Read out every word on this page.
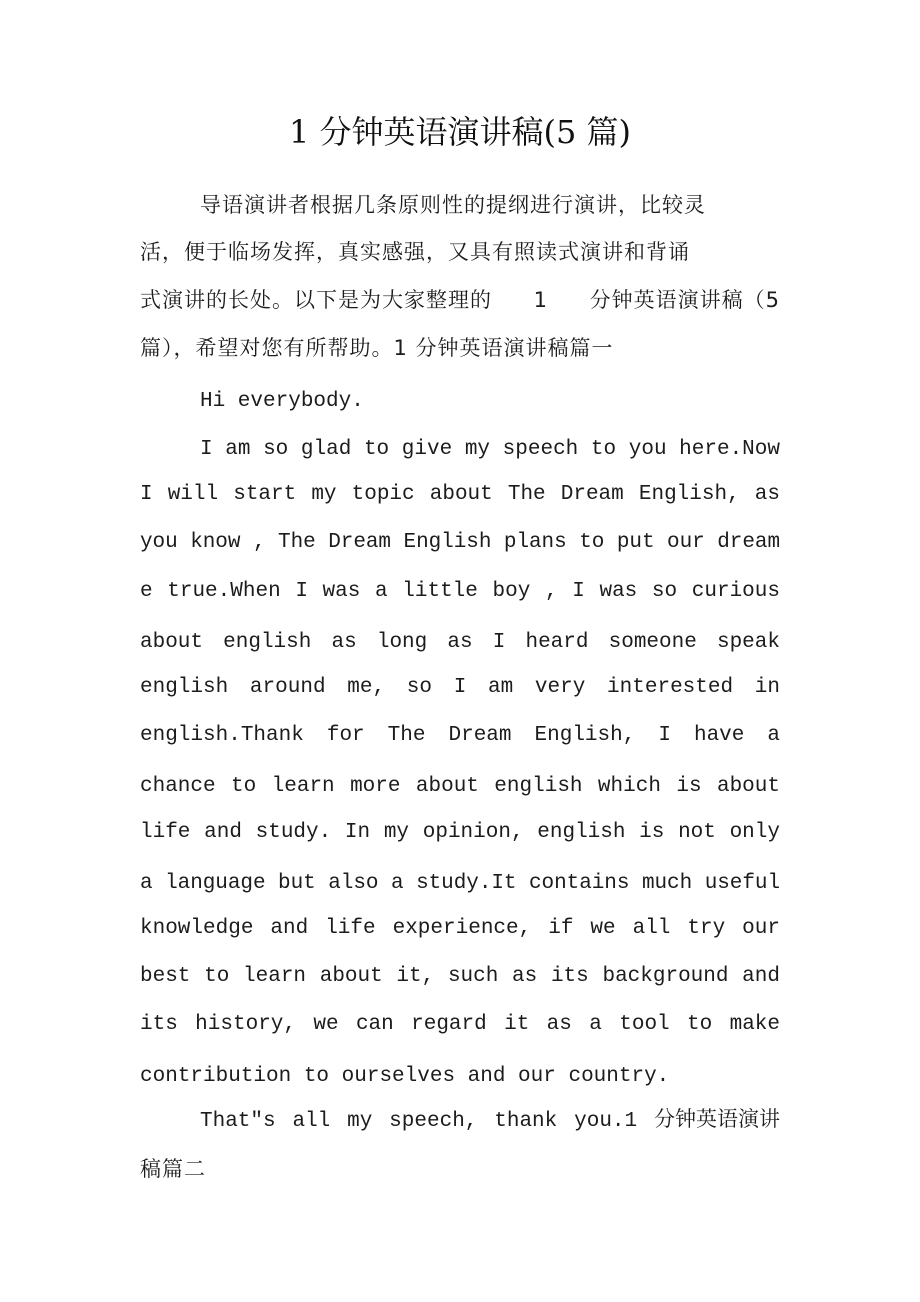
1 分钟英语演讲稿(5 篇)
导语演讲者根据几条原则性的提纲进行演讲，比较灵
活，便于临场发挥，真实感强，又具有照读式演讲和背诵
式演讲的长处。以下是为大家整理的 1 分钟英语演讲稿（5
篇），希望对您有所帮助。1 分钟英语演讲稿篇一
Hi everybody.
I am so glad to give my speech to you here.Now
I will start my topic about The Dream English, as
you know , The Dream English plans to put our dream
e true.When I was a little boy , I was so curious
about english as long as I heard someone speak
english around me, so I am very interested in
english.Thank for The Dream English, I have a
chance to learn more about english which is about
life and study. In my opinion, english is not only
a language but also a study.It contains much useful
knowledge and life experience, if we all try our
best to learn about it, such as its background and
its history, we can regard it as a tool to make
contribution to ourselves and our country.
That"s all my speech, thank you.1 分钟英语演讲
稿篇二
